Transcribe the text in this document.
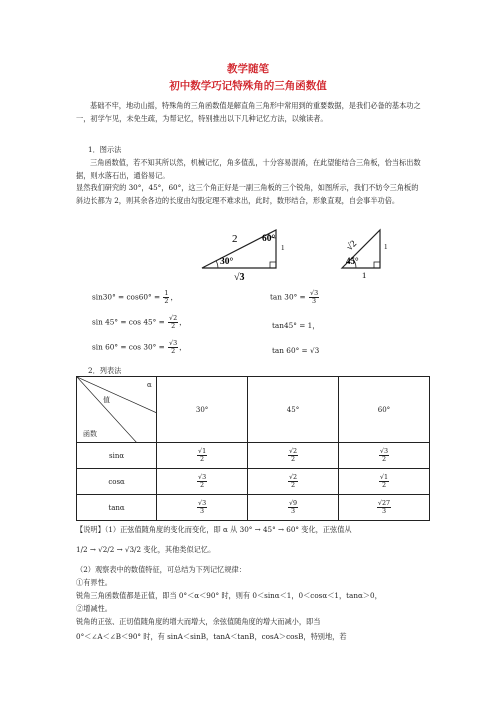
教学随笔
初中数学巧记特殊角的三角函数值
基础不牢，地动山摇，特殊角的三角函数值是解直角三角形中常用到的重要数据，是我们必备的基本功之一，初学乍见，未免生疏，为帮记忆，特别推出以下几种记忆方法，以飨读者。
1．图示法
三角函数值，若不知其所以然，机械记忆，角多值乱，十分容易混淆，在此望能结合三角板，恰当标出数据，则水落石出，通俗易记。
显然我们研究的 30°，45°，60°，这三个角正好是一副三角板的三个锐角，如图所示，我们不妨令三角板的斜边长都为 2，则其余各边的长度由勾股定理不难求出，此时，数形结合，形象直观，自会事半功倍。
2	60°
30°
1
√3
√2
45°
1
1
$\sin 30^\circ = \cos 60^\circ = \frac{1}{2}$ ，	$\tan 30^\circ = \frac{√3}{3}$
$\sin 45^\circ = \cos 45^\circ = \frac{√2}{2}$ ，	tan45° = 1，
$\sin 60^\circ = \cos 30^\circ = \frac{√3}{2}$ ，	tan 60° = √3
2．列表法
α
值
函数	30°	45°	60°
sinα	$\frac{√1}{2}$	$\frac{√2}{2}$	$\frac{√3}{2}$

cosα	$\frac{√3}{2}$	$\frac{√2}{2}$	$\frac{√1}{2}$

tanα	$\frac{√3}{3}$	$\frac{√9}{3}$	$\frac{√27}{3}$
【说明】（1）正弦值随角度的变化而变化，即 α 从 30° → 45° → 60° 变化，正弦值从
1/2 → √2/2 → √3/2 变化，其他类似记忆。
（2）观察表中的数值特征，可总结为下列记忆规律：
①有界性。
锐角三角函数值都是正值，即当 0°＜α＜90° 时，则有 0＜sinα＜1，0＜cosα＜1，tanα＞0，
②增减性。
锐角的正弦、正切值随角度的增大而增大，余弦值随角度的增大而减小，即当
0°＜∠A＜∠B＜90° 时，有 sinA＜sinB，tanA＜tanB，cosA＞cosB，特别地，若
